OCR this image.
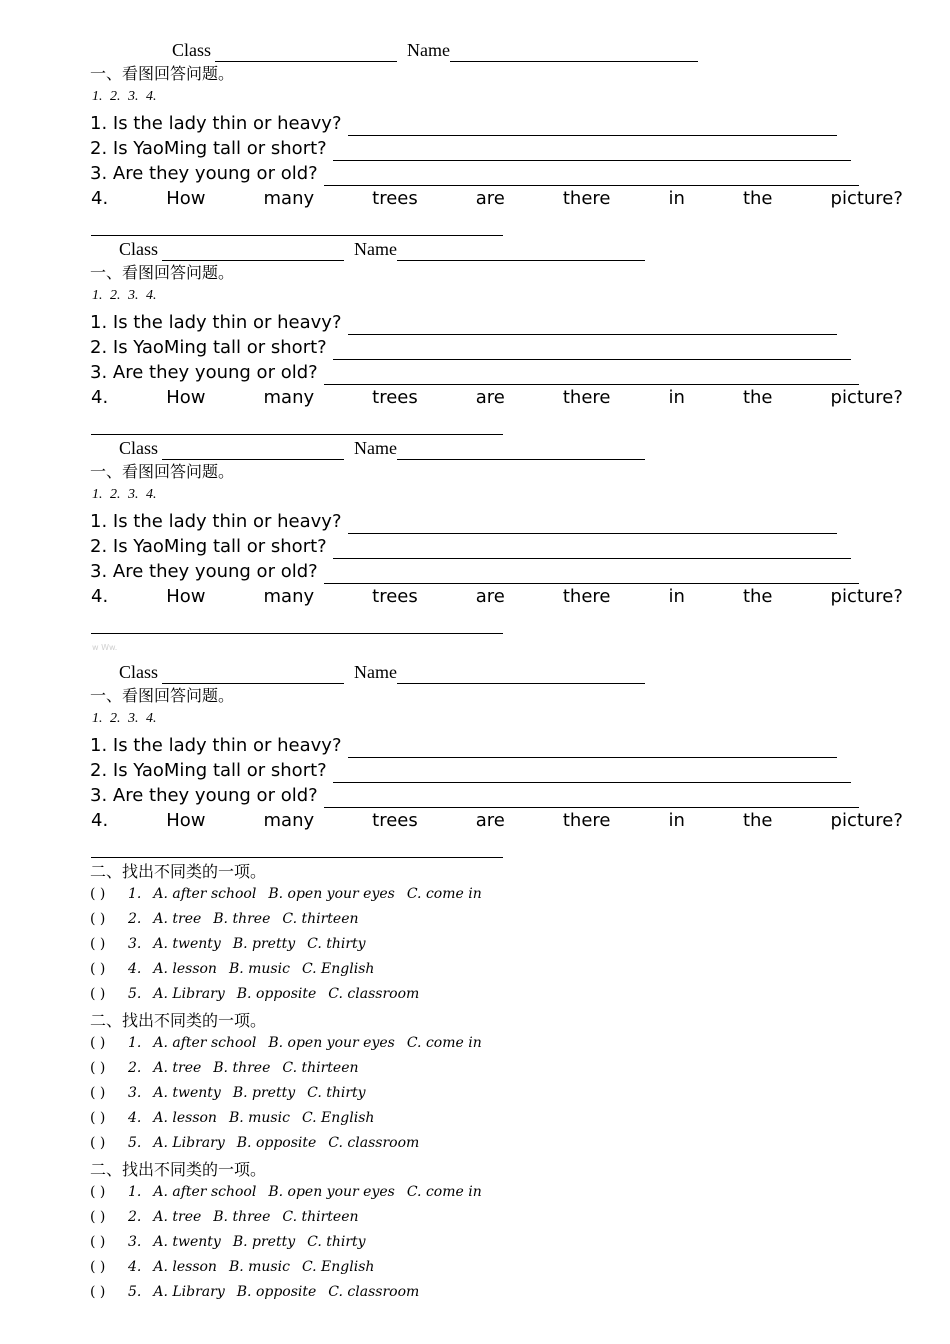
Class	Name
一、看图回答问题。
1. 2. 3. 4.
1. Is the lady thin or heavy?
2. Is YaoMing tall or short?
3. Are they young or old?
4.	How	many	trees	are	there	in	the	picture?
Class	Name
一、看图回答问题。
1. 2. 3. 4.
1. Is the lady thin or heavy?
2. Is YaoMing tall or short?
3. Are they young or old?
4.	How	many	trees	are	there	in	the	picture?
Class	Name
一、看图回答问题。
1. 2. 3. 4.
1. Is the lady thin or heavy?
2. Is YaoMing tall or short?
3. Are they young or old?
4.	How	many	trees	are	there	in	the	picture?
Class	Name
一、看图回答问题。
1. 2. 3. 4.
1. Is the lady thin or heavy?
2. Is YaoMing tall or short?
3. Are they young or old?
4.	How	many	trees	are	there	in	the	picture?
w Ww.
二、找出不同类的一项。
( )	1. A. after school B. open your eyes C. come in
( )	2. A. tree B. three C. thirteen
( )	3. A. twenty B. pretty C. thirty
( )	4. A. lesson B. music C. English
( )	5. A. Library B. opposite C. classroom
二、找出不同类的一项。
( )	1. A. after school B. open your eyes C. come in
( )	2. A. tree B. three C. thirteen
( )	3. A. twenty B. pretty C. thirty
( )	4. A. lesson B. music C. English
( )	5. A. Library B. opposite C. classroom
二、找出不同类的一项。
( )	1. A. after school B. open your eyes C. come in
( )	2. A. tree B. three C. thirteen
( )	3. A. twenty B. pretty C. thirty
( )	4. A. lesson B. music C. English
( )	5. A. Library B. opposite C. classroom
